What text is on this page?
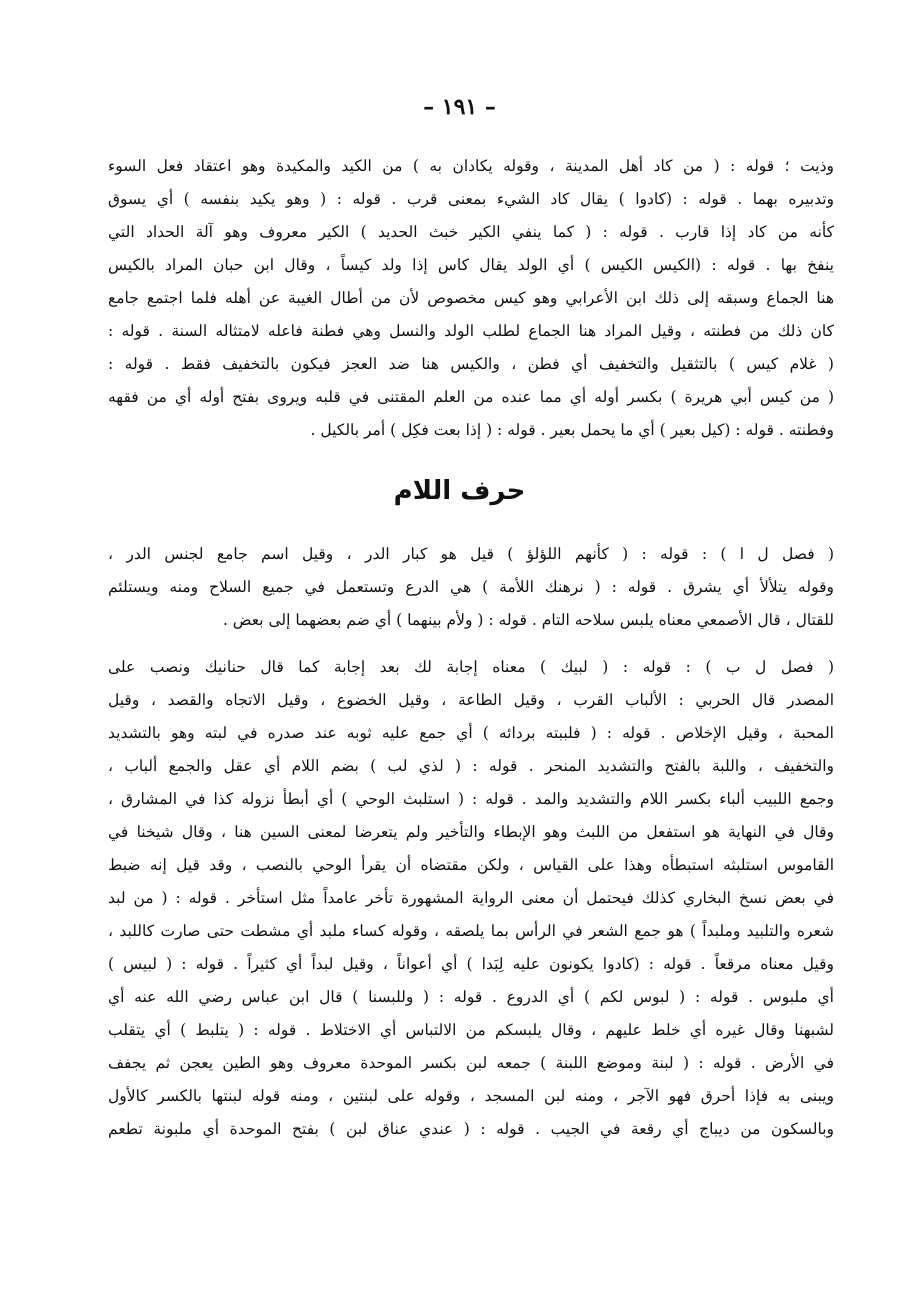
– ١٩١ –
وذيت ؛ قوله : ( من كاد أهل المدينة ، وقوله يكادان به ) من الكيد والمكيدة وهو اعتقاد فعل السوء
وتدبيره بهما . قوله : (كادوا ) يقال كاد الشيء بمعنى قرب . قوله : ( وهو يكيد بنفسه ) أي يسوق
كأنه من كاد إذا قارب . قوله : ( كما ينفي الكير خبث الحديد ) الكير معروف وهو آلة الحداد التي
ينفخ بها . قوله : (الكيس الكيس ) أي الولد يقال كاس إذا ولد كيساً ، وقال ابن حبان المراد بالكيس
هنا الجماع وسبقه إلى ذلك ابن الأعرابي وهو كيس مخصوص لأن من أطال الغيبة عن أهله فلما اجتمع جامع
كان ذلك من فطنته ، وقيل المراد هنا الجماع لطلب الولد والنسل وهي فطنة فاعله لامتثاله السنة . قوله :
( غلام كيس ) بالتثقيل والتخفيف أي فطن ، والكيس هنا ضد العجز فيكون بالتخفيف فقط . قوله :
( من كيس أبي هريرة ) بكسر أوله أي مما عنده من العلم المقتنى في قلبه ويروى بفتح أوله أي من فقهه
وفطنته . قوله : (كيل بعير ) أي ما يحمل بعير . قوله : ( إذا بعت فكِل ) أمر بالكيل .
حرف اللام
( فصل ل ا ) : قوله : ( كأنهم اللؤلؤ ) قيل هو كبار الدر ، وقيل اسم جامع لجنس الدر ،
وقوله يتلألأ أي يشرق . قوله : ( نرهنك اللأمة ) هي الدرع وتستعمل في جميع السلاح ومنه ويستلئم
للقتال ، قال الأصمعي معناه يلبس سلاحه التام . قوله : ( ولأم بينهما ) أي ضم بعضهما إلى بعض .
( فصل ل ب ) : قوله : ( لبيك ) معناه إجابة لك بعد إجابة كما قال حنانيك ونصب على
المصدر قال الحربي : الألباب القرب ، وقيل الطاعة ، وقيل الخضوع ، وقيل الاتجاه والقصد ، وقيل
المحبة ، وقيل الإخلاص . قوله : ( فلببته بردائه ) أي جمع عليه ثوبه عند صدره في لبته وهو بالتشديد
والتخفيف ، واللبة بالفتح والتشديد المنحر . قوله : ( لذي لب ) بضم اللام أي عقل والجمع ألباب ،
وجمع اللبيب ألباء بكسر اللام والتشديد والمد . قوله : ( استلبث الوحي ) أي أبطأ نزوله كذا في المشارق ،
وقال في النهاية هو استفعل من اللبث وهو الإبطاء والتأخير ولم يتعرضا لمعنى السين هنا ، وقال شيخنا في
القاموس استلبثه استبطأه وهذا على القياس ، ولكن مقتضاه أن يقرأ الوحي بالنصب ، وقد قيل إنه ضبط
في بعض نسخ البخاري كذلك فيحتمل أن معنى الرواية المشهورة تأخر عامداً مثل استأخر . قوله : ( من لبد
شعره والتلبيد وملبداً ) هو جمع الشعر في الرأس بما يلصقه ، وقوله كساء ملبد أي مشطت حتى صارت كاللبد ،
وقيل معناه مرقعاً . قوله : (كادوا يكونون عليه لِبَدا ) أي أعواناً ، وقيل لبداً أي كثيراً . قوله : ( لبيس )
أي ملبوس . قوله : ( لبوس لكم ) أي الدروع . قوله : ( وللبسنا ) قال ابن عباس رضي الله عنه أي
لشبهنا وقال غيره أي خلط عليهم ، وقال يلبسكم من الالتباس أي الاختلاط . قوله : ( يتلبط ) أي يتقلب
في الأرض . قوله : ( لبنة وموضع اللبنة ) جمعه لبن بكسر الموحدة معروف وهو الطين يعجن ثم يجفف
ويبنى به فإذا أحرق فهو الآجر ، ومنه لبن المسجد ، وقوله على لبنتين ، ومنه قوله لبنتها بالكسر كالأول
وبالسكون من ديباج أي رقعة في الجيب . قوله : ( عندي عناق لبن ) بفتح الموحدة أي ملبونة تطعم
